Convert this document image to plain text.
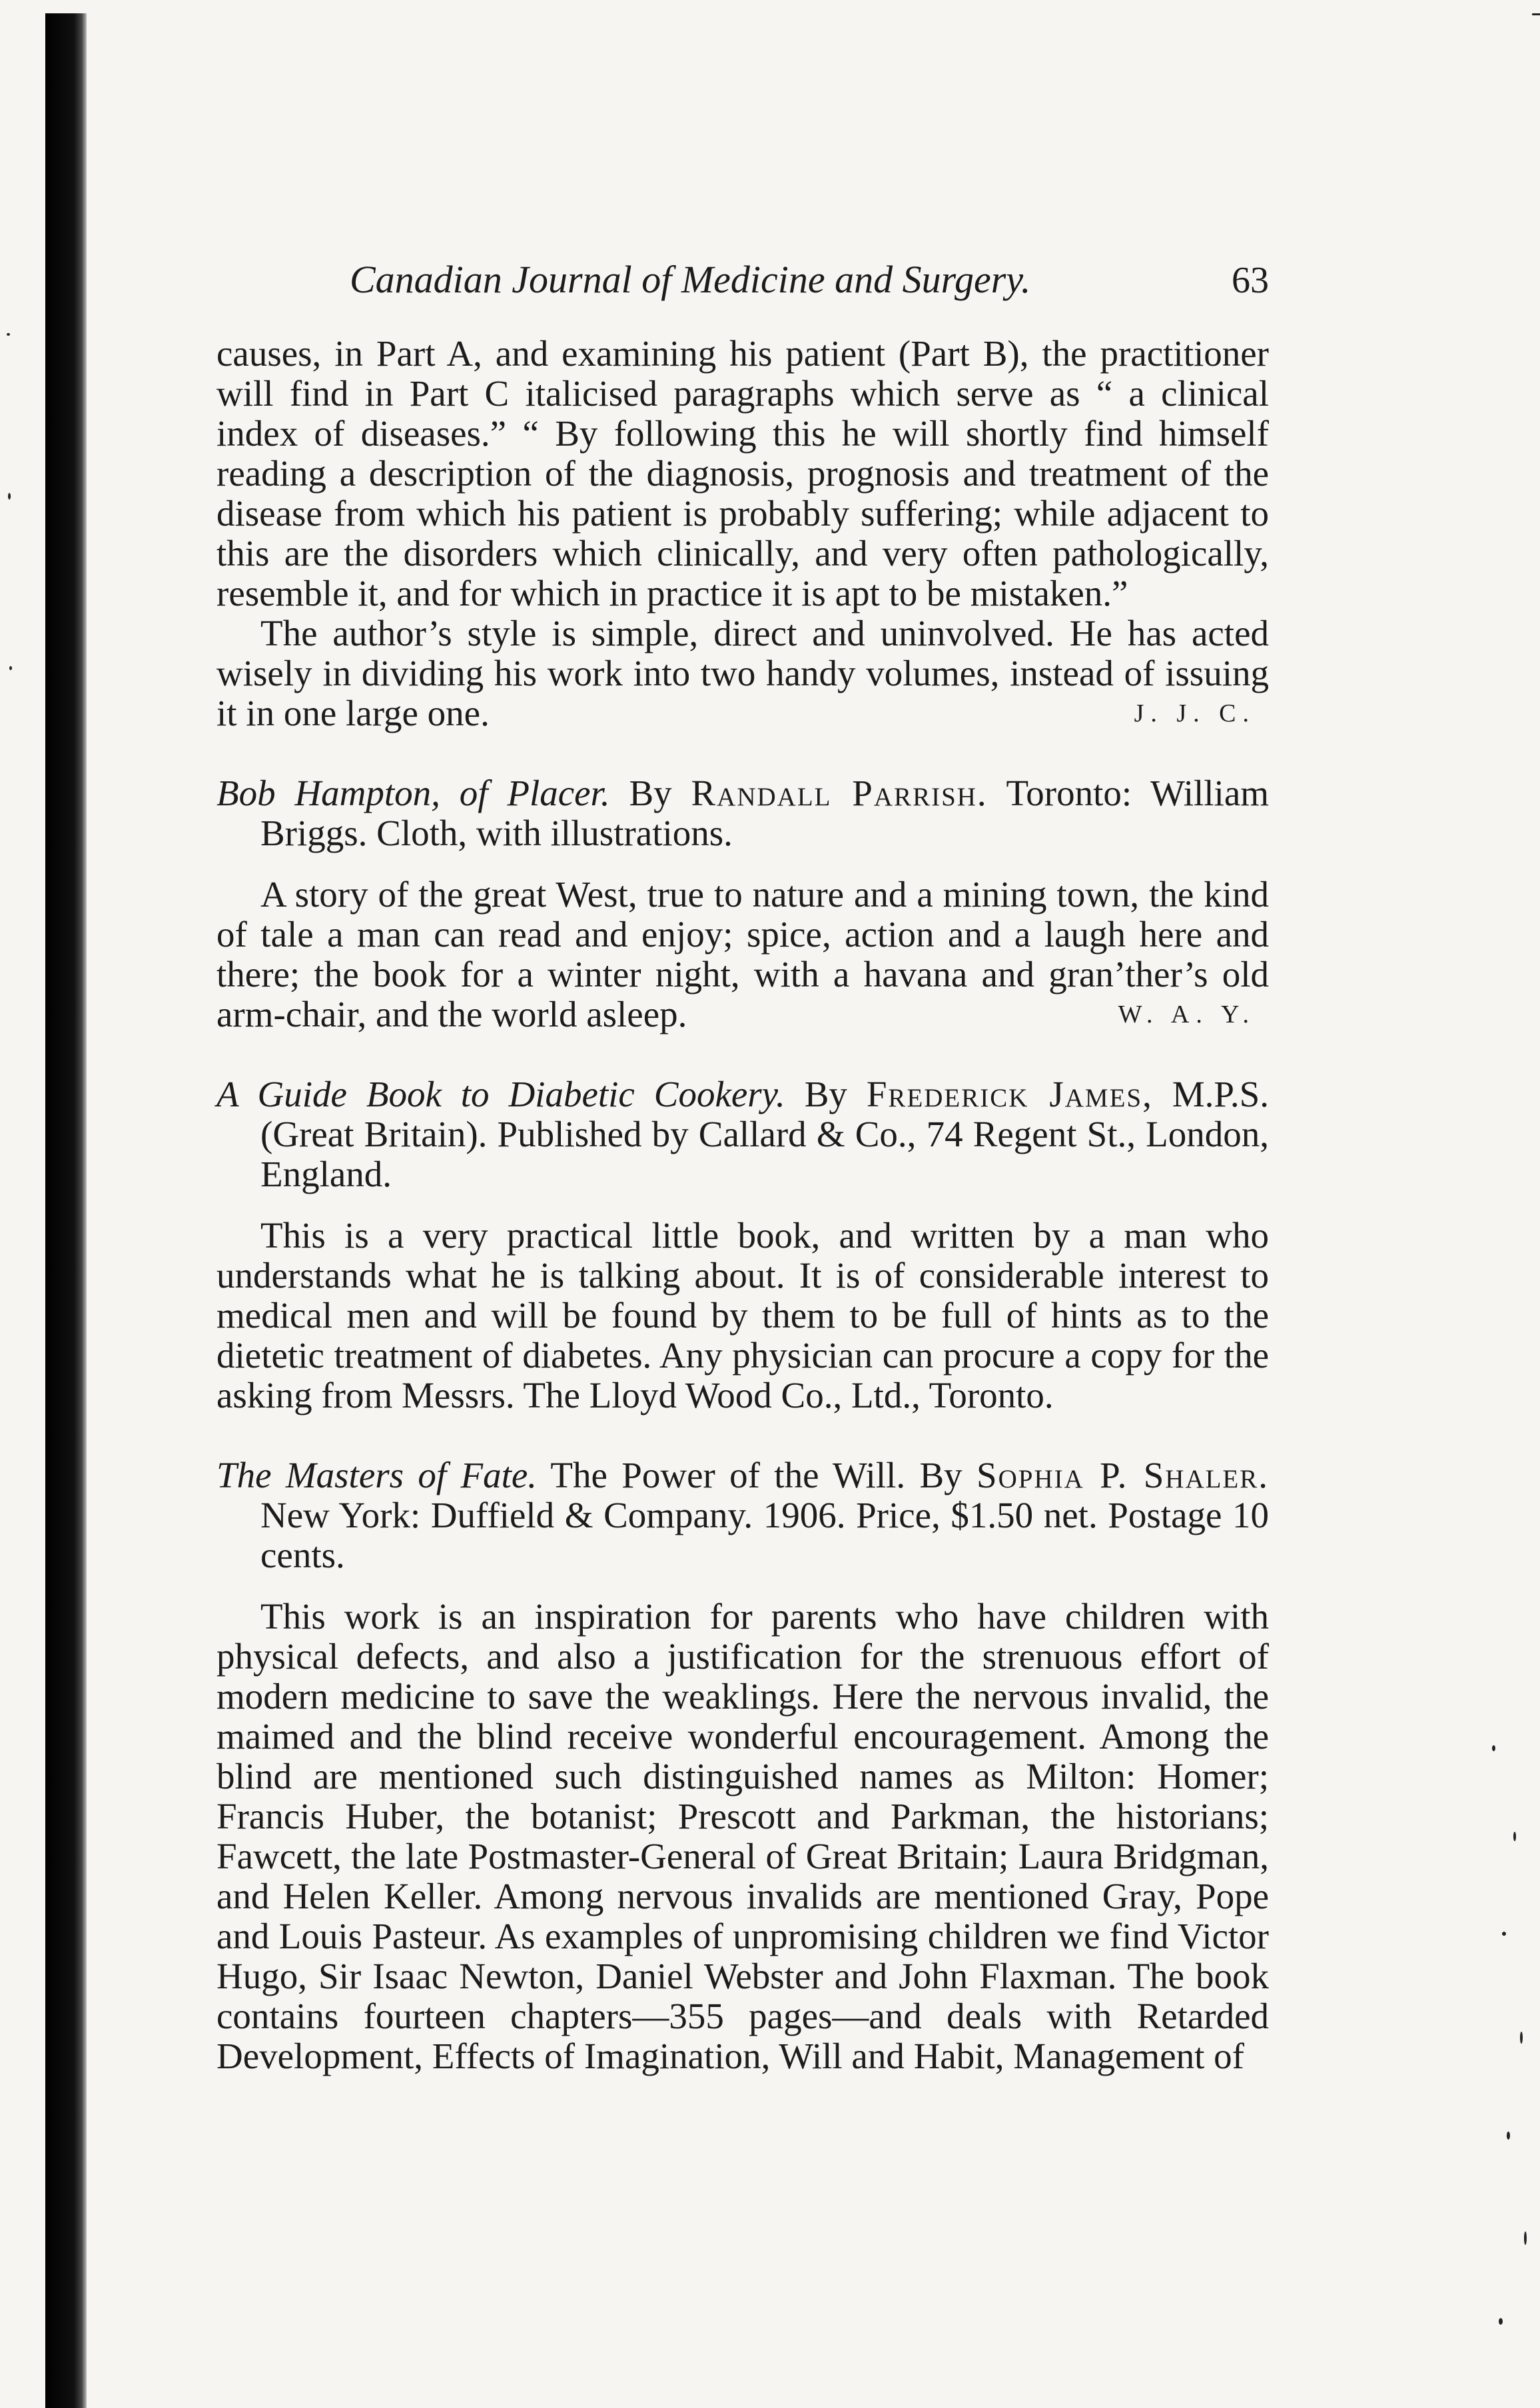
Canadian Journal of Medicine and Surgery.	63

causes, in Part A, and examining his patient (Part B), the practitioner will find in Part C italicised paragraphs which serve as “ a clinical index of diseases.” “ By following this he will shortly find himself reading a description of the diagnosis, prognosis and treatment of the disease from which his patient is probably suffering; while adjacent to this are the disorders which clinically, and very often pathologically, resemble it, and for which in practice it is apt to be mistaken.”

The author’s style is simple, direct and uninvolved. He has acted wisely in dividing his work into two handy volumes, instead of issuing it in one large one.	J. J. C.

Bob Hampton, of Placer. By Randall Parrish. Toronto: William Briggs. Cloth, with illustrations.

A story of the great West, true to nature and a mining town, the kind of tale a man can read and enjoy; spice, action and a laugh here and there; the book for a winter night, with a havana and gran’ther’s old arm-chair, and the world asleep.	W. A. Y.

A Guide Book to Diabetic Cookery. By Frederick James, M.P.S. (Great Britain). Published by Callard & Co., 74 Regent St., London, England.

This is a very practical little book, and written by a man who understands what he is talking about. It is of considerable interest to medical men and will be found by them to be full of hints as to the dietetic treatment of diabetes. Any physician can procure a copy for the asking from Messrs. The Lloyd Wood Co., Ltd., Toronto.

The Masters of Fate. The Power of the Will. By Sophia P. Shaler. New York: Duffield & Company. 1906. Price, $1.50 net. Postage 10 cents.

This work is an inspiration for parents who have children with physical defects, and also a justification for the strenuous effort of modern medicine to save the weaklings. Here the nervous invalid, the maimed and the blind receive wonderful encouragement. Among the blind are mentioned such distinguished names as Milton: Homer; Francis Huber, the botanist; Prescott and Parkman, the historians; Fawcett, the late Postmaster-General of Great Britain; Laura Bridgman, and Helen Keller. Among nervous invalids are mentioned Gray, Pope and Louis Pasteur. As examples of unpromising children we find Victor Hugo, Sir Isaac Newton, Daniel Webster and John Flaxman. The book contains fourteen chapters—355 pages—and deals with Retarded Development, Effects of Imagination, Will and Habit, Management of
